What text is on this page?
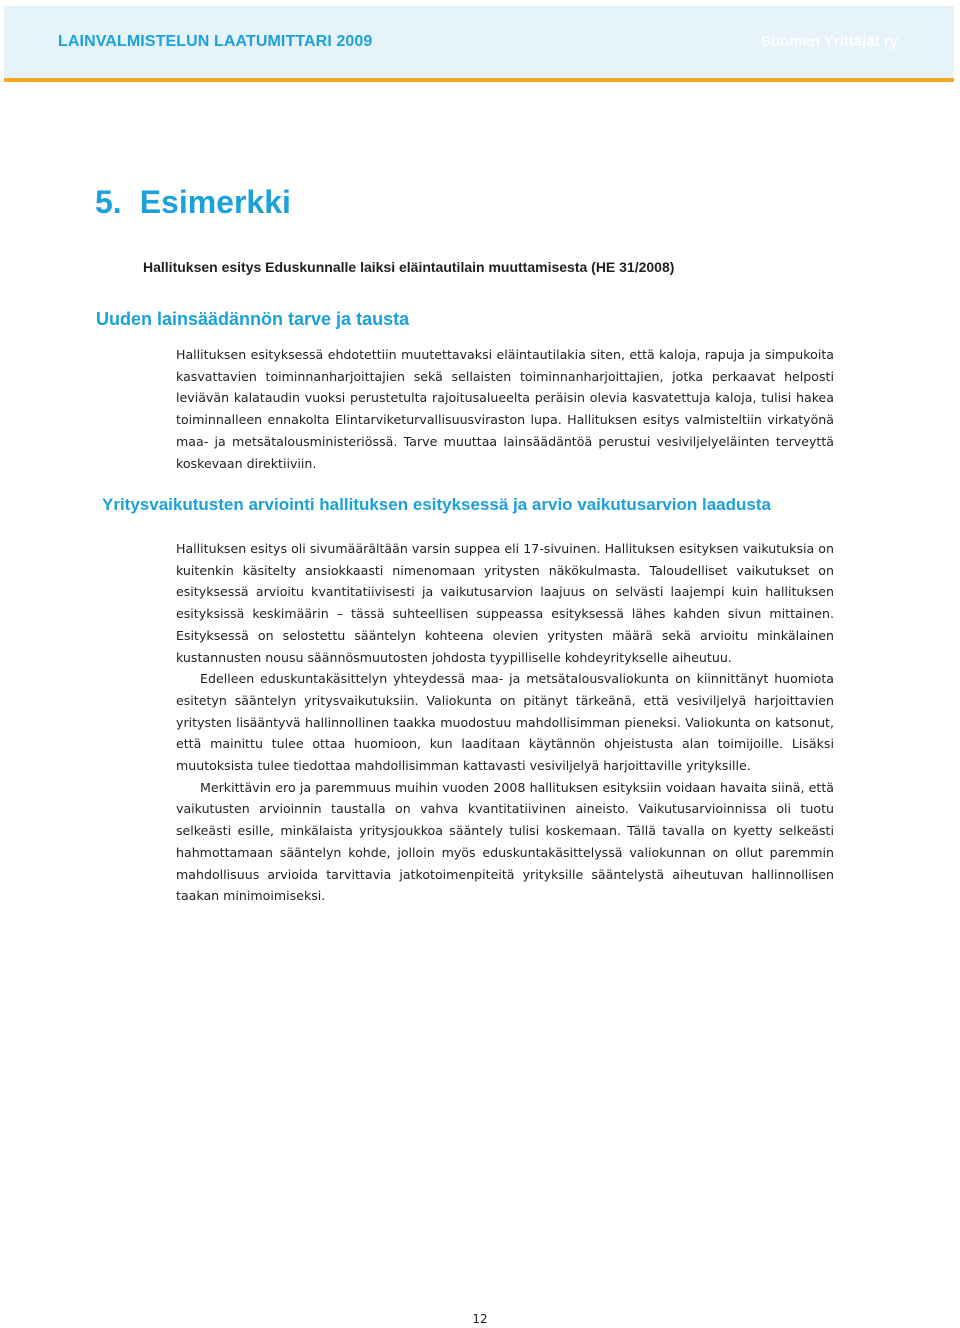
LAINVALMISTELUN LAATUMITTARI 2009	Suomen Yrittäjät ry
5. Esimerkki
Hallituksen esitys Eduskunnalle laiksi eläintautilain muuttamisesta (HE 31/2008)
Uuden lainsäädännön tarve ja tausta

Hallituksen esityksessä ehdotettiin muutettavaksi eläintautilakia siten, että kaloja, rapuja ja simpukoita kasvattavien toiminnanharjoittajien sekä sellaisten toiminnanharjoittajien, jotka perkaavat helposti leviävän kalataudin vuoksi perustetulta rajoitusalueelta peräisin olevia kasvatettuja kaloja, tulisi hakea toiminnalleen ennakolta Elintarviketurvallisuusviraston lupa. Hallituksen esitys valmisteltiin virkatyönä maa- ja metsätalousministeriössä. Tarve muuttaa lainsäädäntöä perustui vesiviljelyeläinten terveyttä koskevaan direktiiviin.

Yritysvaikutusten arviointi hallituksen esityksessä ja arvio vaikutusarvion laadusta

Hallituksen esitys oli sivumäärältään varsin suppea eli 17-sivuinen. Hallituksen esityksen vaikutuksia on kuitenkin käsitelty ansiokkaasti nimenomaan yritysten näkökulmasta. Taloudelliset vaikutukset on esityksessä arvioitu kvantitatiivisesti ja vaikutusarvion laajuus on selvästi laajempi kuin hallituksen esityksissä keskimäärin – tässä suhteellisen suppeassa esityksessä lähes kahden sivun mittainen. Esityksessä on selostettu sääntelyn kohteena olevien yritysten määrä sekä arvioitu minkälainen kustannusten nousu säännösmuutosten johdosta tyypilliselle kohdeyritykselle aiheutuu.

Edelleen eduskuntakäsittelyn yhteydessä maa- ja metsätalousvaliokunta on kiinnittänyt huomiota esitetyn sääntelyn yritysvaikutuksiin. Valiokunta on pitänyt tärkeänä, että vesiviljelyä harjoittavien yritysten lisääntyvä hallinnollinen taakka muodostuu mahdollisimman pieneksi. Valiokunta on katsonut, että mainittu tulee ottaa huomioon, kun laaditaan käytännön ohjeistusta alan toimijoille. Lisäksi muutoksista tulee tiedottaa mahdollisimman kattavasti vesiviljelyä harjoittaville yrityksille.

Merkittävin ero ja paremmuus muihin vuoden 2008 hallituksen esityksiin voidaan havaita siinä, että vaikutusten arvioinnin taustalla on vahva kvantitatiivinen aineisto. Vaikutusarvioinnissa oli tuotu selkeästi esille, minkälaista yritysjoukkoa sääntely tulisi koskemaan. Tällä tavalla on kyetty selkeästi hahmottamaan sääntelyn kohde, jolloin myös eduskuntakäsittelyssä valiokunnan on ollut paremmin mahdollisuus arvioida tarvittavia jatkotoimenpiteitä yrityksille sääntelystä aiheutuvan hallinnollisen taakan minimoimiseksi.

12
